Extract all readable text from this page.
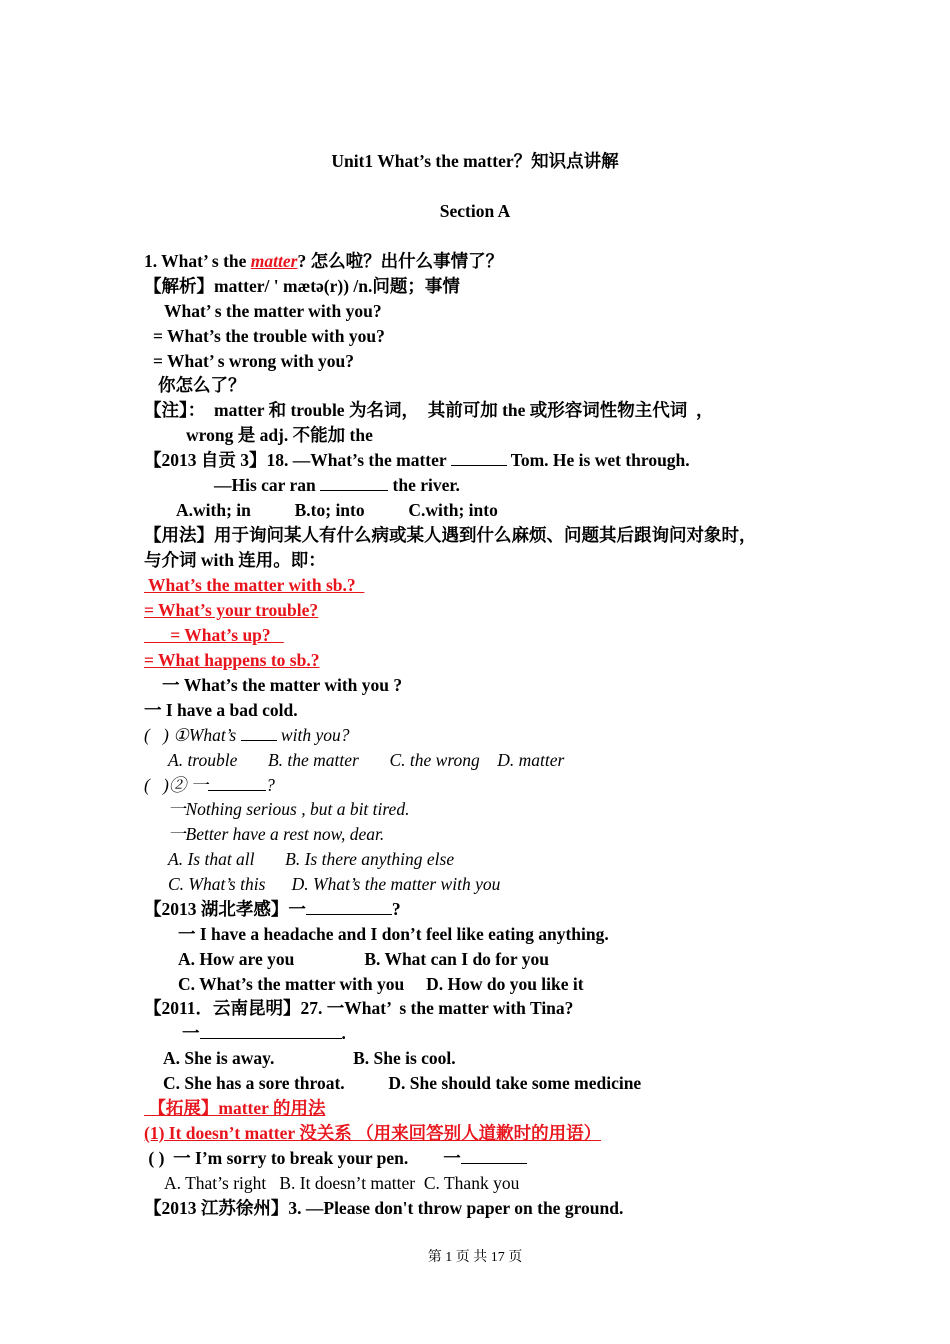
Unit1 What’s the matter？知识点讲解
Section A
1. What’ s the matter? 怎么啦？出什么事情了？
【解析】matter/ ' mætə(r)) /n.问题；事情
What’ s the matter with you?
= What’s the trouble with you?
= What’ s wrong with you?
你怎么了？
【注】：  matter 和 trouble 为名词，  其前可加 the 或形容词性物主代词  ，
wrong 是 adj. 不能加 the
【2013 自贡 3】18. —What’s the matter	Tom. He is wet through.
—His car ran	the river.
A.with; in          B.to; into          C.with; into
【用法】用于询问某人有什么病或某人遇到什么麻烦、问题其后跟询问对象时，
与介词 with 连用。即：
What’s the matter with sb.?
= What’s your trouble?
= What’s up?
= What happens to sb.?
一 What’s the matter with you ?
一 I have a bad cold.
(   ) ①What’s  with you?
A. trouble       B. the matter       C. the wrong    D. matter
(   )② 一	?
一Nothing serious , but a bit tired.
一Better have a rest now, dear.
A. Is that all       B. Is there anything else
C. What’s this      D. What’s the matter with you
【2013 湖北孝感】一	?
一 I have a headache and I don’t feel like eating anything.
A. How are you                B. What can I do for you
C. What’s the matter with you     D. How do you like it
【2011．云南昆明】27. 一What’  s the matter with Tina?
一	.
A. She is away.                  B. She is cool.
C. She has a sore throat.          D. She should take some medicine
【拓展】matter 的用法
(1) It doesn’t matter 没关系 （用来回答别人道歉时的用语）
( )  一 I’m sorry to break your pen.        一
A. That’s right   B. It doesn’t matter  C. Thank you
【2013 江苏徐州】3. —Please don't throw paper on the ground.
第 1 页 共 17 页
